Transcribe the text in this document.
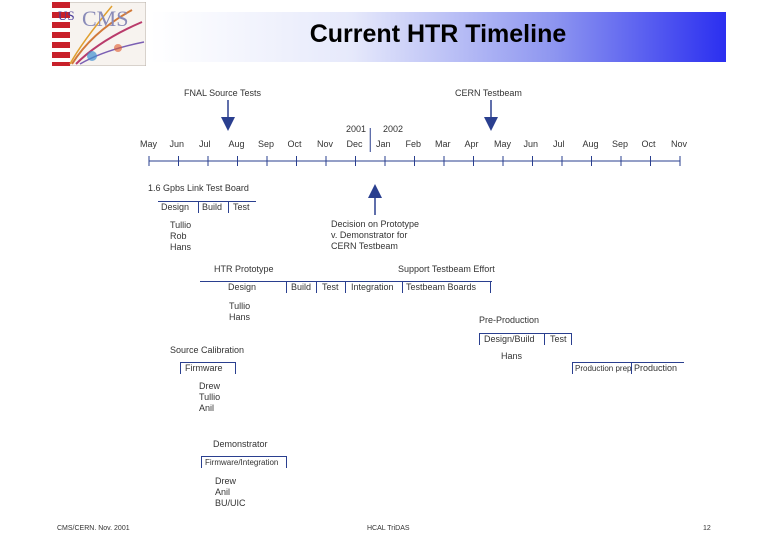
Current HTR Timeline
US CMS
FNAL Source Tests	CERN Testbeam
2001 2002
May Jun Jul Aug Sep Oct Nov Dec Jan Feb Mar Apr May Jun Jul Aug Sep Oct Nov
1.6 Gpbs Link Test Board
Design Build Test
Tullio
Rob
Hans
Decision on Prototype
v. Demonstrator for
CERN Testbeam
HTR Prototype	Support Testbeam Effort
Design	Build Test Integration Testbeam Boards
Tullio
Hans	Pre-Production
Design/Build Test
Hans
Production prep Production
Source Calibration
Firmware
Drew
Tullio
Anil
Demonstrator
Firmware/Integration
Drew
Anil
BU/UIC
CMS/CERN. Nov. 2001	HCAL TriDAS	12
